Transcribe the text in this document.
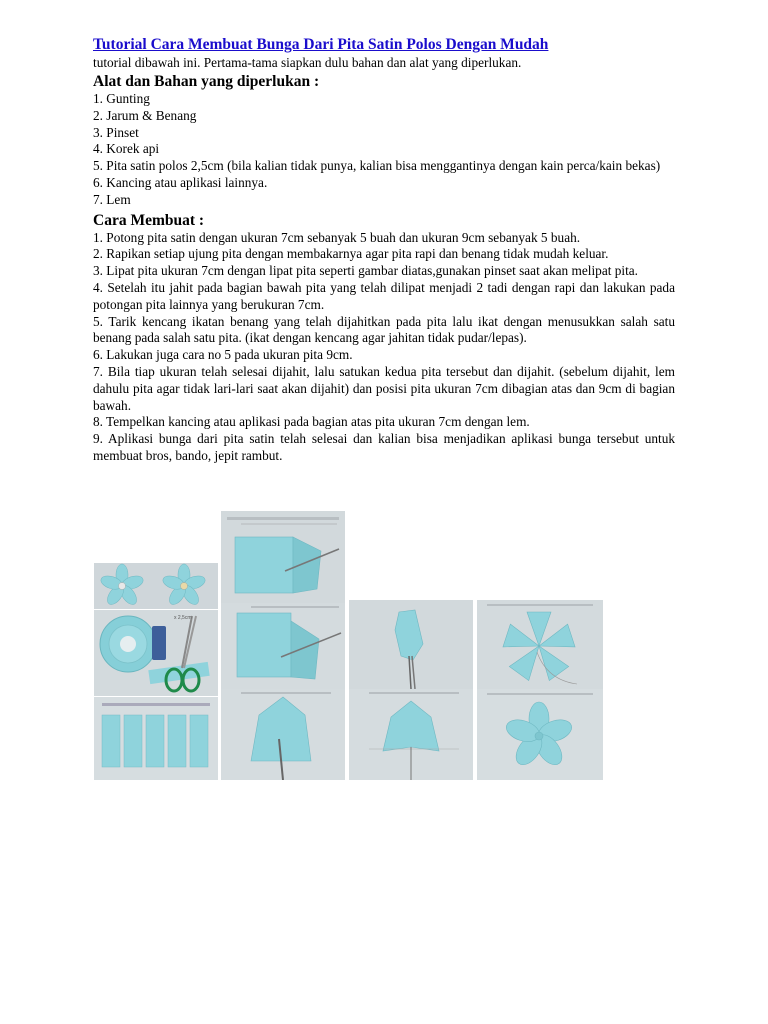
Tutorial Cara Membuat Bunga Dari Pita Satin Polos Dengan Mudah

tutorial dibawah ini. Pertama-tama siapkan dulu bahan dan alat yang diperlukan.

Alat dan Bahan yang diperlukan :

1. Gunting

2. Jarum & Benang

3. Pinset

4. Korek api

5. Pita satin polos 2,5cm (bila kalian tidak punya, kalian bisa menggantinya dengan kain perca/kain bekas)

6. Kancing atau aplikasi lainnya.

7. Lem

Cara Membuat :

1. Potong pita satin dengan ukuran 7cm sebanyak 5 buah dan ukuran 9cm sebanyak 5 buah.

2. Rapikan setiap ujung pita dengan membakarnya agar pita rapi dan benang tidak mudah keluar.

3. Lipat pita ukuran 7cm dengan lipat pita seperti gambar diatas,gunakan pinset saat akan melipat pita.

4. Setelah itu jahit pada bagian bawah pita yang telah dilipat menjadi 2 tadi dengan rapi dan lakukan pada potongan pita lainnya yang berukuran 7cm.

5. Tarik kencang ikatan benang yang telah dijahitkan pada pita lalu ikat dengan menusukkan salah satu benang pada salah satu pita. (ikat dengan kencang agar jahitan tidak pudar/lepas).

6. Lakukan juga cara no 5 pada ukuran pita 9cm.

7. Bila tiap ukuran telah selesai dijahit, lalu satukan kedua pita tersebut dan dijahit. (sebelum dijahit, lem dahulu pita agar tidak lari-lari saat akan dijahit) dan posisi pita ukuran 7cm dibagian atas dan 9cm di bagian bawah.

8. Tempelkan kancing atau aplikasi pada bagian atas pita ukuran 7cm dengan lem.

9. Aplikasi bunga dari pita satin telah selesai dan kalian bisa menjadikan aplikasi bunga tersebut untuk membuat bros, bando, jepit rambut.

x 2,5cm
